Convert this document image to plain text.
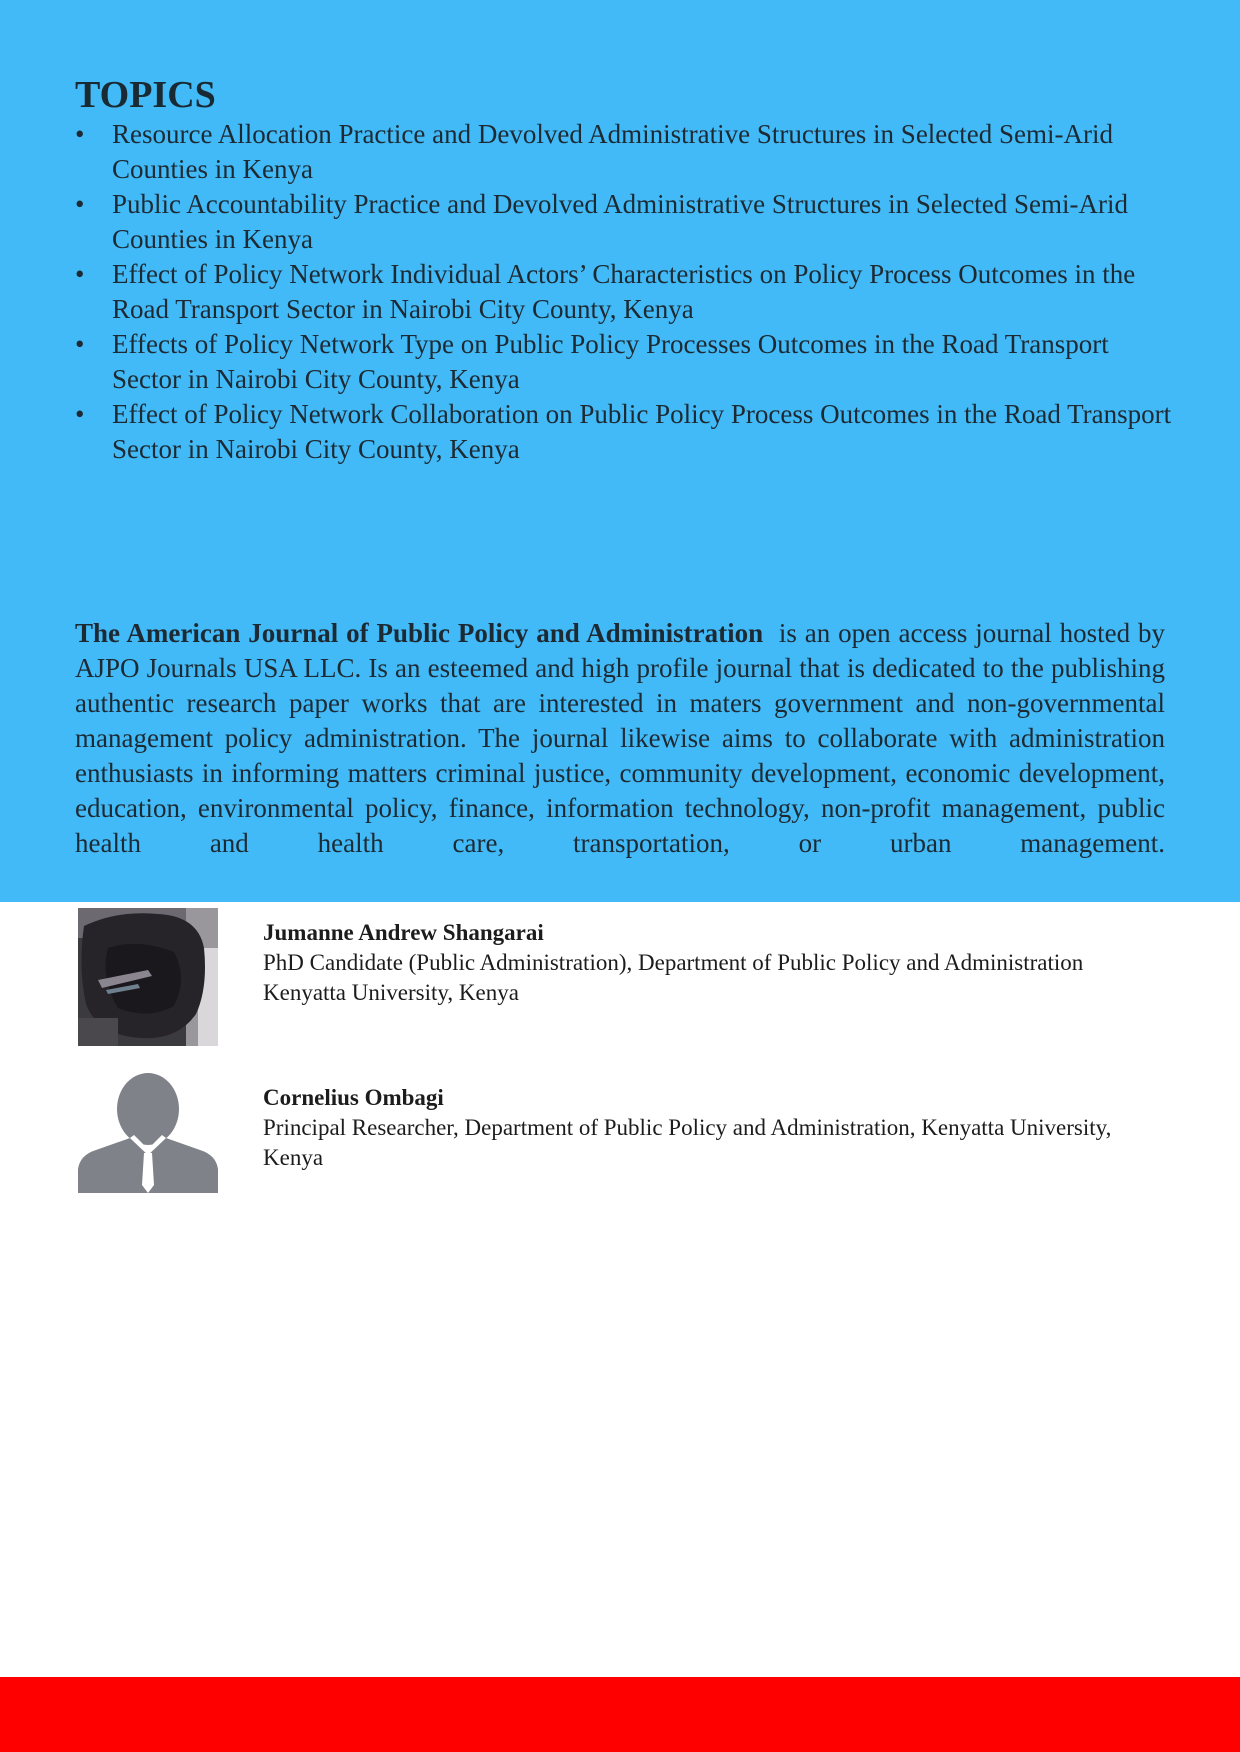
TOPICS
• Resource Allocation Practice and Devolved Administrative Structures in Selected Semi-Arid Counties in Kenya
• Public Accountability Practice and Devolved Administrative Structures in Selected Semi-Arid Counties in Kenya
• Effect of Policy Network Individual Actors’ Characteristics on Policy Process Outcomes in the Road Transport Sector in Nairobi City County, Kenya
• Effects of Policy Network Type on Public Policy Processes Outcomes in the Road Transport Sector in Nairobi City County, Kenya
• Effect of Policy Network Collaboration on Public Policy Process Outcomes in the Road Transport Sector in Nairobi City County, Kenya

The American Journal of Public Policy and Administration is an open access journal hosted by AJPO Journals USA LLC. Is an esteemed and high profile journal that is dedicated to the publishing authentic research paper works that are interested in maters government and non-governmental management policy administration. The journal likewise aims to collaborate with administration enthusiasts in informing matters criminal justice, community development, economic development, education, environmental policy, finance, information technology, non-profit management, public health and health care, transportation, or urban management.

Jumanne Andrew Shangarai
PhD Candidate (Public Administration), Department of Public Policy and Administration
Kenyatta University, Kenya
Cornelius Ombagi
Principal Researcher, Department of Public Policy and Administration, Kenyatta University,
Kenya
